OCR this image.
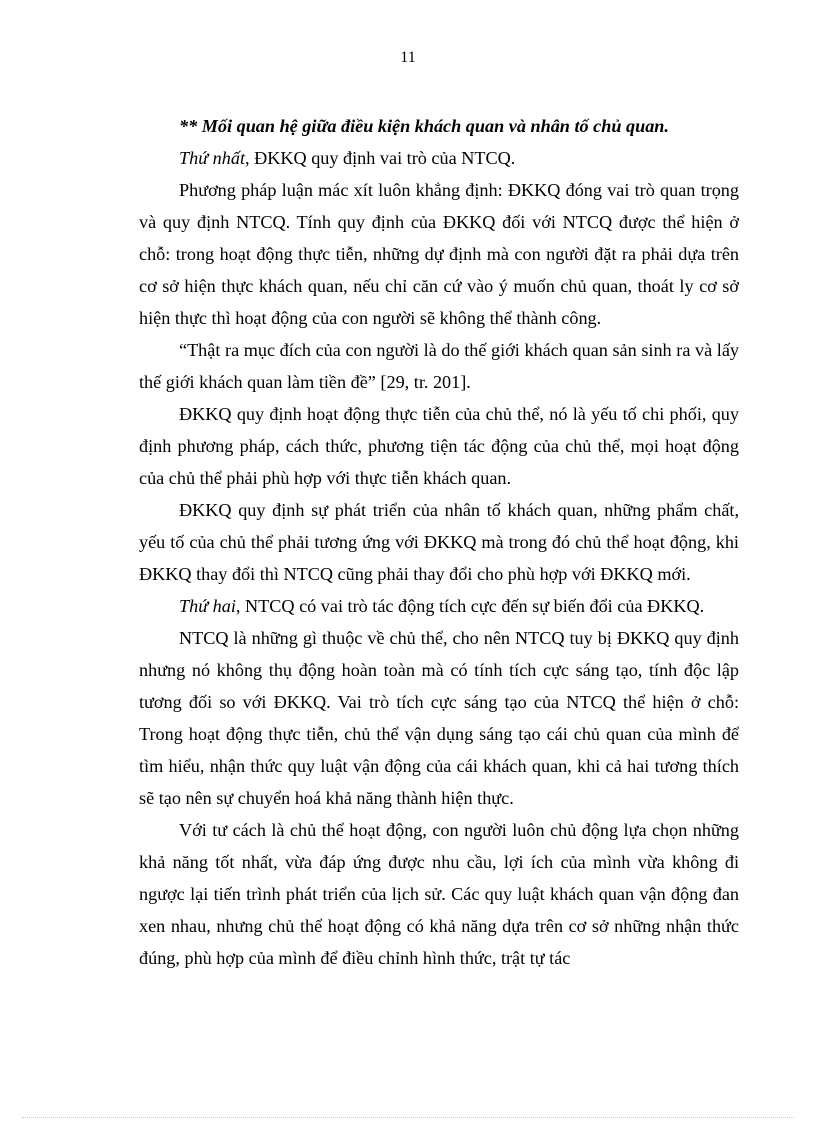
11

** Mối quan hệ giữa điều kiện khách quan và nhân tố chủ quan.

Thứ nhất, ĐKKQ quy định vai trò của NTCQ.

Phương pháp luận mác xít luôn khẳng định: ĐKKQ đóng vai trò quan trọng và quy định NTCQ. Tính quy định của ĐKKQ đối với NTCQ được thể hiện ở chỗ: trong hoạt động thực tiễn, những dự định mà con người đặt ra phải dựa trên cơ sở hiện thực khách quan, nếu chỉ căn cứ vào ý muốn chủ quan, thoát ly cơ sở hiện thực thì hoạt động của con người sẽ không thể thành công.

“Thật ra mục đích của con người là do thế giới khách quan sản sinh ra và lấy thế giới khách quan làm tiền đề” [29, tr. 201].

ĐKKQ quy định hoạt động thực tiễn của chủ thể, nó là yếu tố chi phối, quy định phương pháp, cách thức, phương tiện tác động của chủ thể, mọi hoạt động của chủ thể phải phù hợp với thực tiễn khách quan.

ĐKKQ quy định sự phát triển của nhân tố khách quan, những phẩm chất, yếu tố của chủ thể phải tương ứng với ĐKKQ mà trong đó chủ thể hoạt động, khi ĐKKQ thay đổi thì NTCQ cũng phải thay đổi cho phù hợp với ĐKKQ mới.

Thứ hai, NTCQ có vai trò tác động tích cực đến sự biến đổi của ĐKKQ.

NTCQ là những gì thuộc về chủ thể, cho nên NTCQ tuy bị ĐKKQ quy định nhưng nó không thụ động hoàn toàn mà có tính tích cực sáng tạo, tính độc lập tương đối so với ĐKKQ. Vai trò tích cực sáng tạo của NTCQ thể hiện ở chỗ: Trong hoạt động thực tiễn, chủ thể vận dụng sáng tạo cái chủ quan của mình để tìm hiểu, nhận thức quy luật vận động của cái khách quan, khi cả hai tương thích sẽ tạo nên sự chuyển hoá khả năng thành hiện thực.

Với tư cách là chủ thể hoạt động, con người luôn chủ động lựa chọn những khả năng tốt nhất, vừa đáp ứng được nhu cầu, lợi ích của mình vừa không đi ngược lại tiến trình phát triển của lịch sử. Các quy luật khách quan vận động đan xen nhau, nhưng chủ thể hoạt động có khả năng dựa trên cơ sở những nhận thức đúng, phù hợp của mình để điều chỉnh hình thức, trật tự tác
